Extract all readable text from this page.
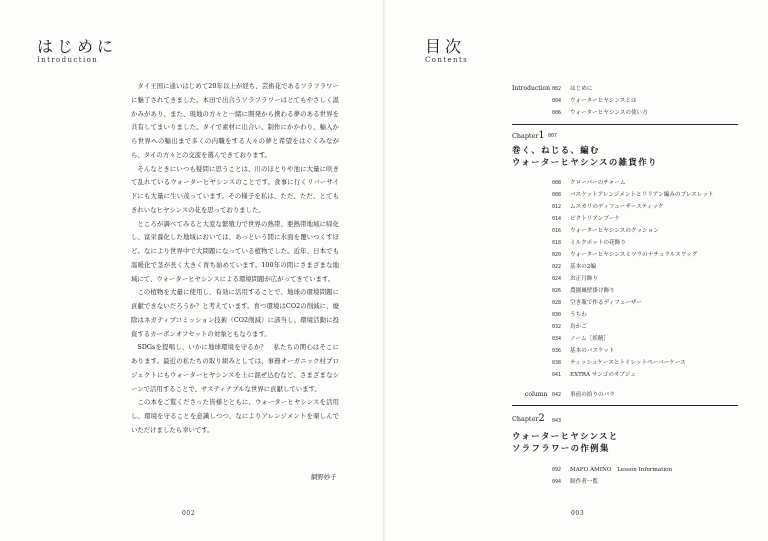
はじめに
Introduction

タイ王国に通いはじめて20年以上が経ち、芸術花であるソラフラワーに魅了されてきました。本田で出合うソラフラワーはとてもやさしく温かみがあり、また、現地の方々と一緒に開発から携わる夢のある世界を共有してまいりました。タイで素材に出合い、制作にかかわり、輸入から世界への輸出まで多くの内職をする人々の夢と希望をはぐくみながら、タイの方々との交流を選んできております。

そんなときにいつも疑問に思うことは、川のほとりや池に大量に咲きて乱れているウォーターヒヤシンスのことです。食事に行くリバーサイドにも大量に生い茂っています。その様子を私は、ただ、ただ、とてもきれいなヒヤシンスの花を思っておりました。

ところが調べてみると大変な繁殖力で世界の熱帯、亜熱帯地域に帰化し、富栄養化した地域においては、あっという間に水面を覆いつくすほど。なにより世界中で大問題になっている植物でした。近年、日本でも温暖化で茎が長く大きく育ち始めています。100年の間にさまざまな地域にて、ウォーターヒヤシンスによる環境問題が広がってきています。

この植物を大量に使用し、有効に活用することで、地球の環境問題に貢献できないだろうか？と考えています。育つ環境はCO2の削減に、廃除はネガティブコミッション技術（CO2削減）に該当し、環境活動に投資するカーボンオフセットの対象ともなります。

SDGsを提唱し、いかに地球環境を守るか？　私たちの関心はそこにあります。最近の私たちの取り組みとしては、事務オーガニック村プロジェクトにもウォーターヒヤシンスを上に混ぜ込むなど、さまざまなシーンで活用することで、サスティナブルな世界に貢献しています。

この本をご覧くださった皆様とともに、ウォーターヒヤシンスを活用し、環境を守ることを意識しつつ、なによりアレンジメントを楽しんでいただけましたら幸いです。

網野妙子
002
目次
Contents
Introduction 002 はじめに
004 ウォーターヒヤシンスとは
006 ウォーターヒヤシンスの使い方
Chapter1 007
巻く、ねじる、編む
ウォーターヒヤシンスの雑貨作り
008 クローバーのチャーム
008 バスケットアレンジメントとリリアン編みのブレスレット
012 ムスカリのディフューザースティック
014 ピクトリアンブーケ
016 ウォーターヒヤシンスのクッション
018 ミルクポットの花飾り
020 ウォーターヒヤシンスミツラのナチュラルスワッグ
022 基本の2編
024 お正月飾り
026 農園風壁掛け飾り
028 空き瓶で作るディフューザー
030 うちわ
032 鳥かご
034 ノーム［妖精］
036 基本のバスケット
038 ティッシュケースとトイレットペーパーケース
041 EXTRA サンゴのオブジェ
column 042 事前の拾りのバラ
Chapter2 043
ウォーターヒヤシンスと
ソラフラワーの作例集
092 MAFO AMINO　Lesson Information
094 制作者一覧
003
